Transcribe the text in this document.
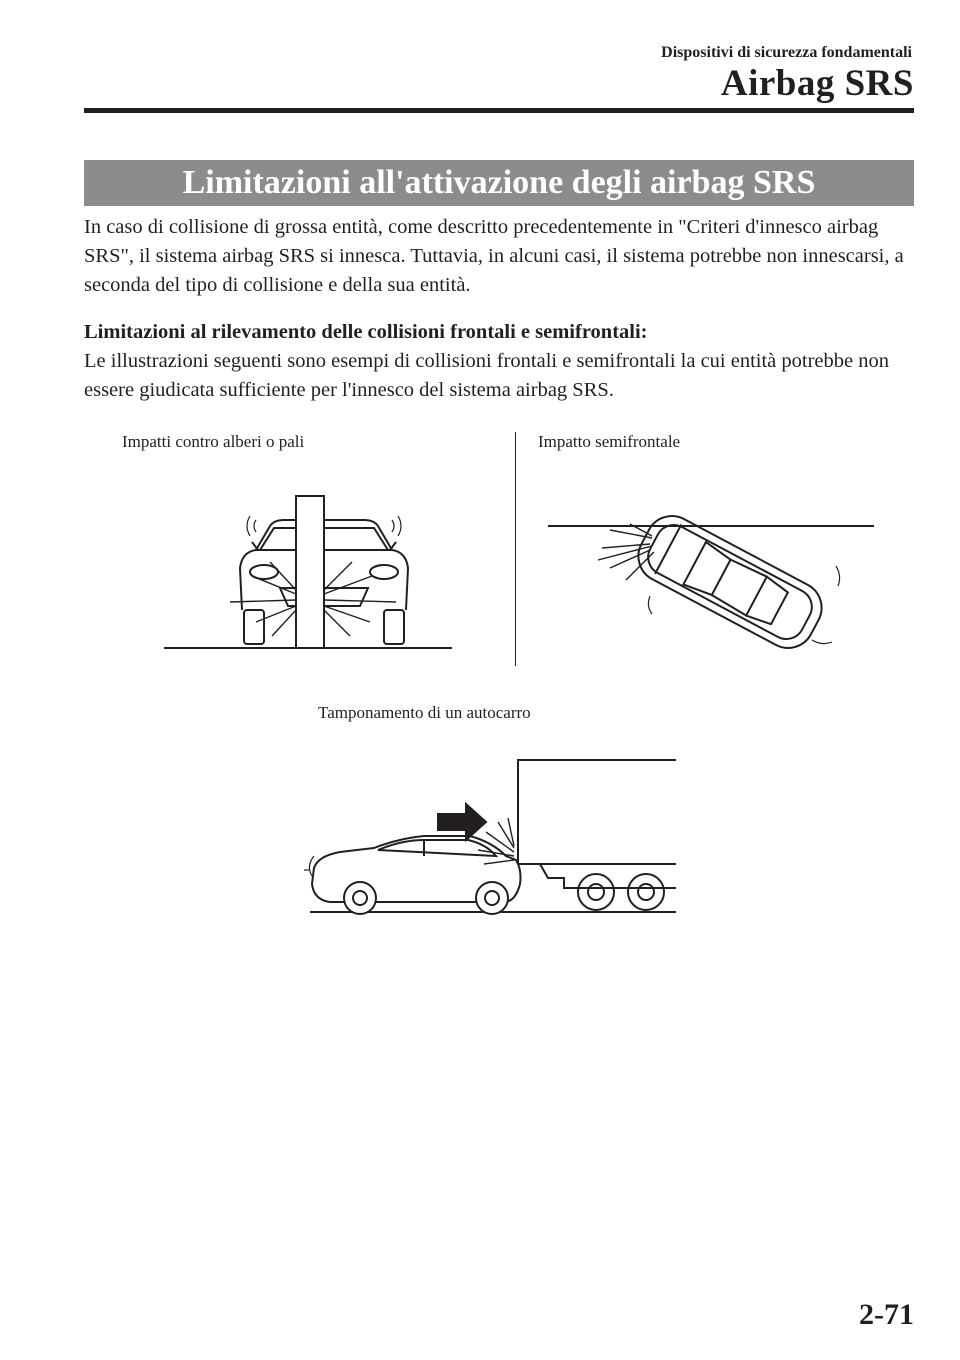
Dispositivi di sicurezza fondamentali
Airbag SRS
Limitazioni all'attivazione degli airbag SRS
In caso di collisione di grossa entità, come descritto precedentemente in "Criteri d'innesco airbag SRS", il sistema airbag SRS si innesca. Tuttavia, in alcuni casi, il sistema potrebbe non innescarsi, a seconda del tipo di collisione e della sua entità.
Limitazioni al rilevamento delle collisioni frontali e semifrontali:
Le illustrazioni seguenti sono esempi di collisioni frontali e semifrontali la cui entità potrebbe non essere giudicata sufficiente per l'innesco del sistema airbag SRS.
Impatti contro alberi o pali	Impatto semifrontale
Tamponamento di un autocarro
2-71
